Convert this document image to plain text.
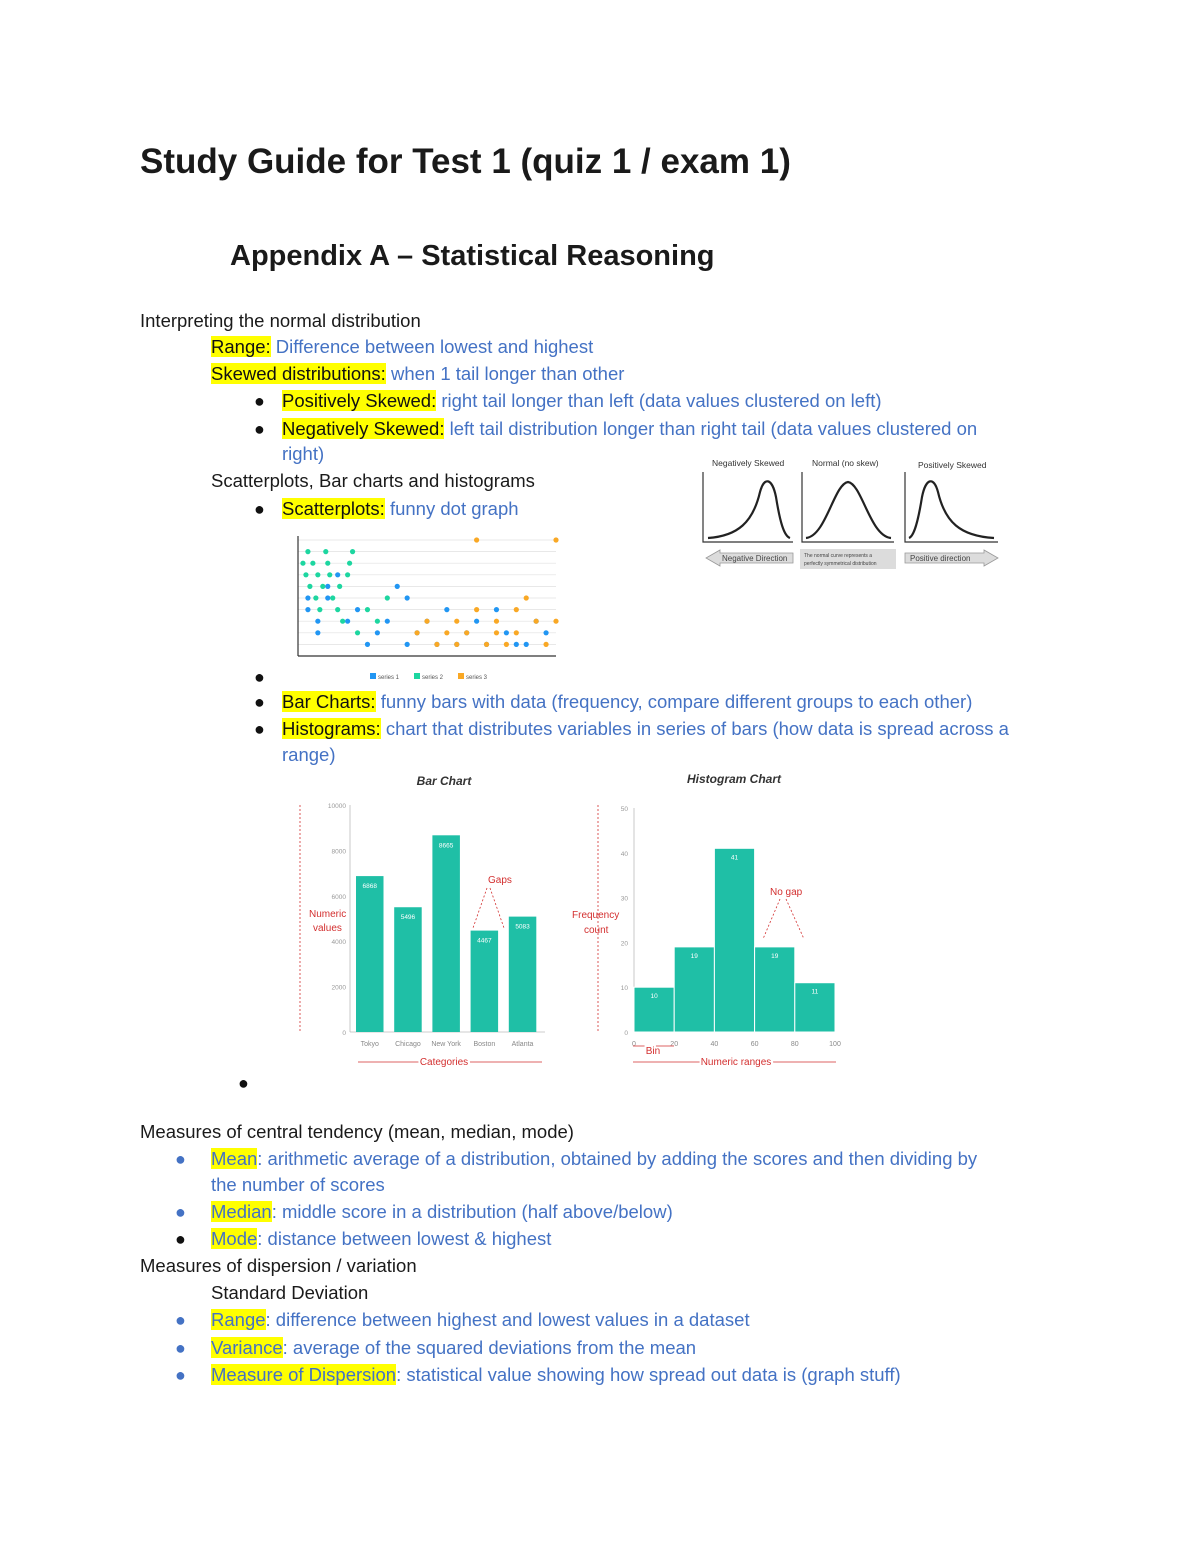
Study Guide for Test 1 (quiz 1 / exam 1)
Appendix A – Statistical Reasoning
Interpreting the normal distribution
Range: Difference between lowest and highest
Skewed distributions: when 1 tail longer than other
● Positively Skewed: right tail longer than left (data values clustered on left)
● Negatively Skewed: left tail distribution longer than right tail (data values clustered on
right)
Scatterplots, Bar charts and histograms
● Scatterplots: funny dot graph
Negatively Skewed	Normal (no skew)	Positively Skewed
Negative Direction	The normal curve represents a
perfectly symmetrical distribution
Positive direction
series 1	series 2	series 3
●
● Bar Charts: funny bars with data (frequency, compare different groups to each other)
● Histograms: chart that distributes variables in series of bars (how data is spread across a
range)
Bar Chart	Histogram Chart
0
2000
4000
6000
8000
10000
6868
Tokyo
5496
Chicago
8665
New York
4467
Boston
5083
Atlanta
0
10
20
30
40
50
10
19
41
19
11
0	20	40	60	80	100
Numeric
values
Gaps
Categories
Frequency
count
No gap
Bin
Numeric ranges
●
Measures of central tendency (mean, median, mode)
● Mean: arithmetic average of a distribution, obtained by adding the scores and then dividing by
the number of scores
● Median: middle score in a distribution (half above/below)
● Mode: distance between lowest & highest
Measures of dispersion / variation
Standard Deviation
● Range: difference between highest and lowest values in a dataset
● Variance: average of the squared deviations from the mean
● Measure of Dispersion: statistical value showing how spread out data is (graph stuff)
